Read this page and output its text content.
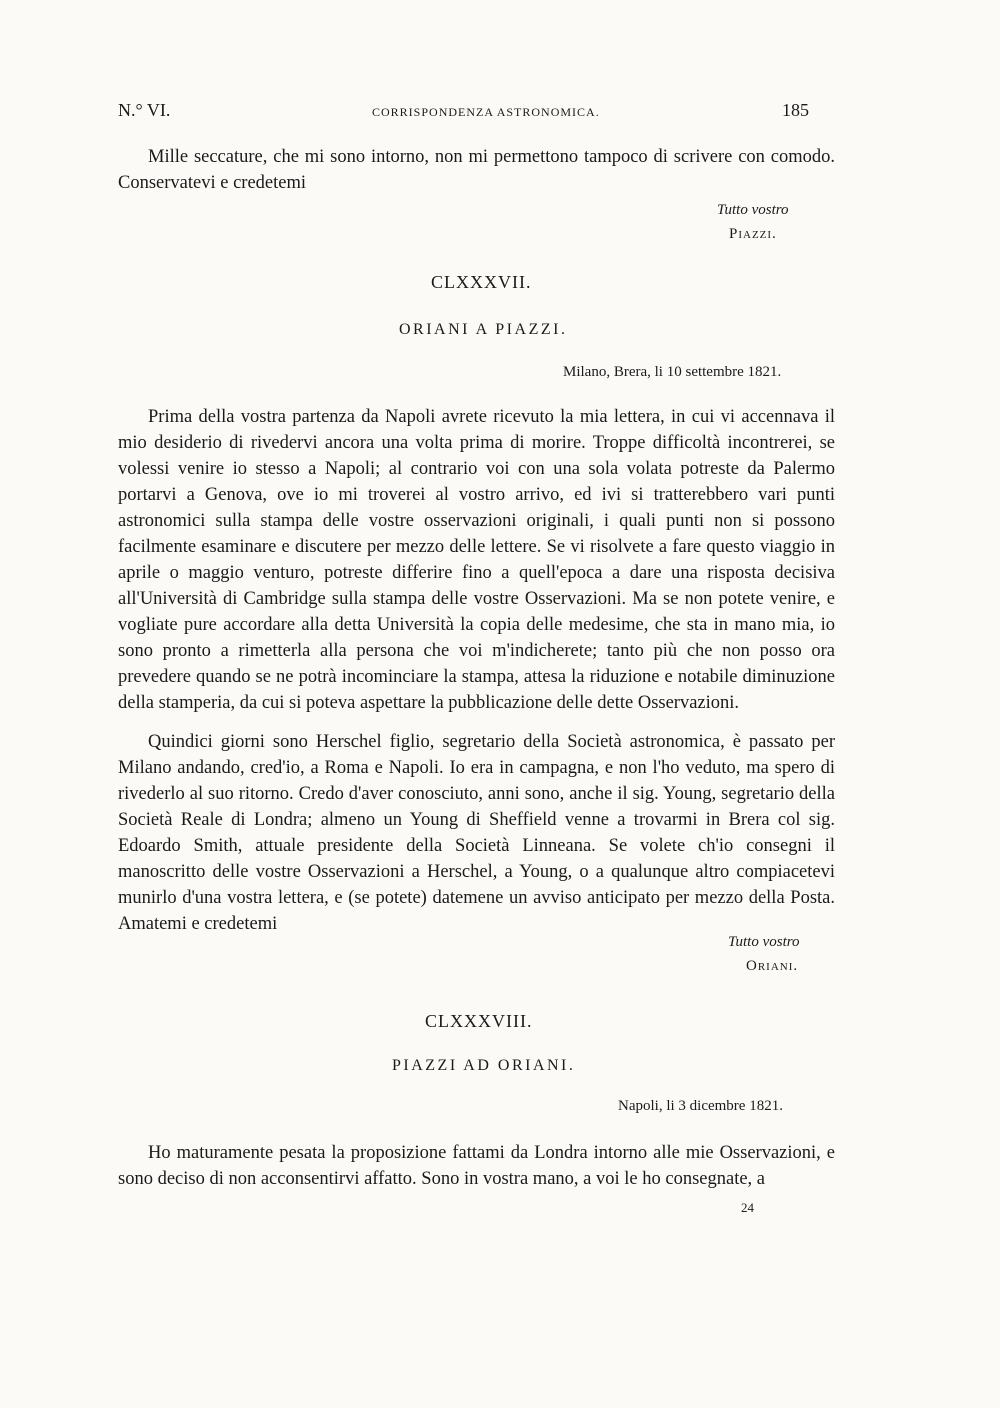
N.° VI.	CORRISPONDENZA ASTRONOMICA.	185

Mille seccature, che mi sono intorno, non mi permettono tampoco di scrivere con comodo. Conservatevi e credetemi

Tutto vostro
Piazzi.
CLXXXVII.
ORIANI A PIAZZI.
Milano, Brera, li 10 settembre 1821.

Prima della vostra partenza da Napoli avrete ricevuto la mia lettera, in cui vi accennava il mio desiderio di rivedervi ancora una volta prima di morire. Troppe difficoltà incontrerei, se volessi venire io stesso a Napoli; al contrario voi con una sola volata potreste da Palermo portarvi a Genova, ove io mi troverei al vostro arrivo, ed ivi si tratterebbero vari punti astronomici sulla stampa delle vostre osservazioni originali, i quali punti non si possono facilmente esaminare e discutere per mezzo delle lettere. Se vi risolvete a fare questo viaggio in aprile o maggio venturo, potreste differire fino a quell'epoca a dare una risposta decisiva all'Università di Cambridge sulla stampa delle vostre Osservazioni. Ma se non potete venire, e vogliate pure accordare alla detta Università la copia delle medesime, che sta in mano mia, io sono pronto a rimetterla alla persona che voi m'indicherete; tanto più che non posso ora prevedere quando se ne potrà incominciare la stampa, attesa la riduzione e notabile diminuzione della stamperia, da cui si poteva aspettare la pubblicazione delle dette Osservazioni.

Quindici giorni sono Herschel figlio, segretario della Società astronomica, è passato per Milano andando, cred'io, a Roma e Napoli. Io era in campagna, e non l'ho veduto, ma spero di rivederlo al suo ritorno. Credo d'aver conosciuto, anni sono, anche il sig. Young, segretario della Società Reale di Londra; almeno un Young di Sheffield venne a trovarmi in Brera col sig. Edoardo Smith, attuale presidente della Società Linneana. Se volete ch'io consegni il manoscritto delle vostre Osservazioni a Herschel, a Young, o a qualunque altro compiacetevi munirlo d'una vostra lettera, e (se potete) datemene un avviso anticipato per mezzo della Posta. Amatemi e credetemi

Tutto vostro
Oriani.
CLXXXVIII.
PIAZZI AD ORIANI.
Napoli, li 3 dicembre 1821.

Ho maturamente pesata la proposizione fattami da Londra intorno alle mie Osservazioni, e sono deciso di non acconsentirvi affatto. Sono in vostra mano, a voi le ho consegnate, a

24
